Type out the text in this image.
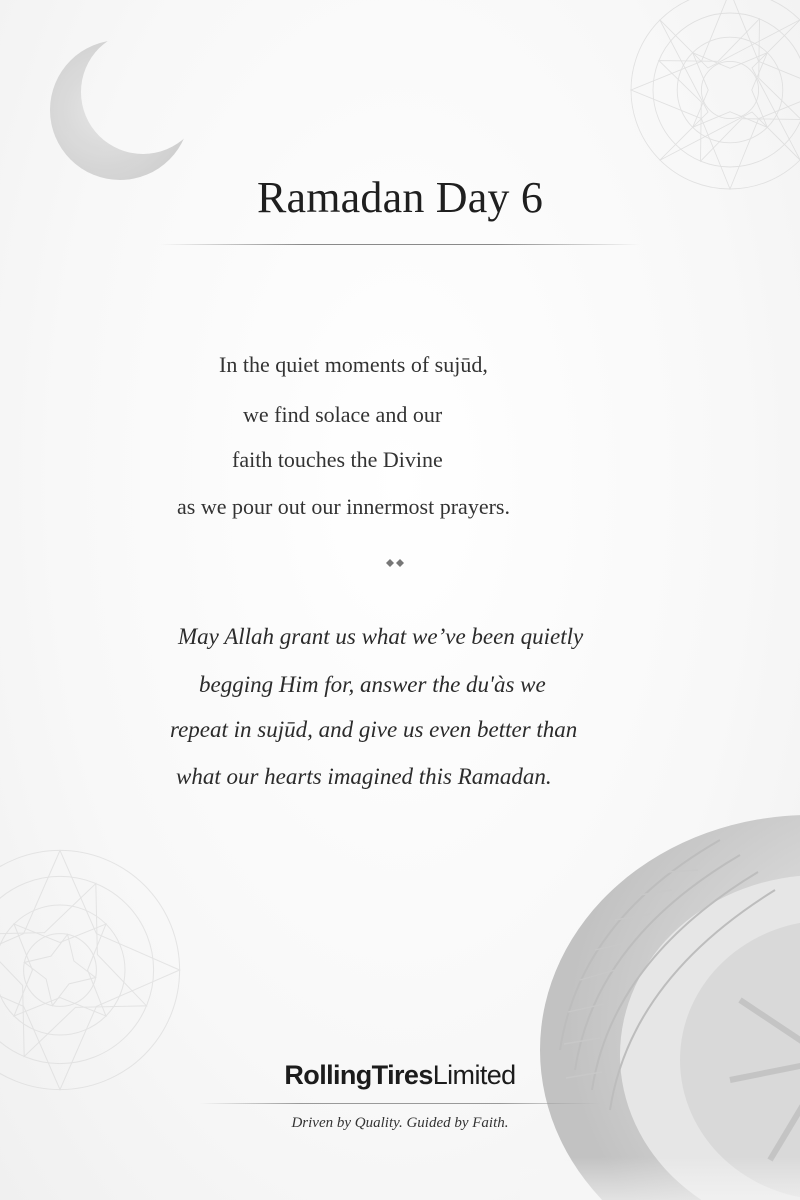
Ramadan Day 6
In the quiet moments of sujūd,
we find solace and our
faith touches the Divine
as we pour out our innermost prayers.
May Allah grant us what we’ve been quietly
begging Him for, answer the du'às we
repeat in sujūd, and give us even better than
what our hearts imagined this Ramadan.
RollingTiresLimited
Driven by Quality. Guided by Faith.
